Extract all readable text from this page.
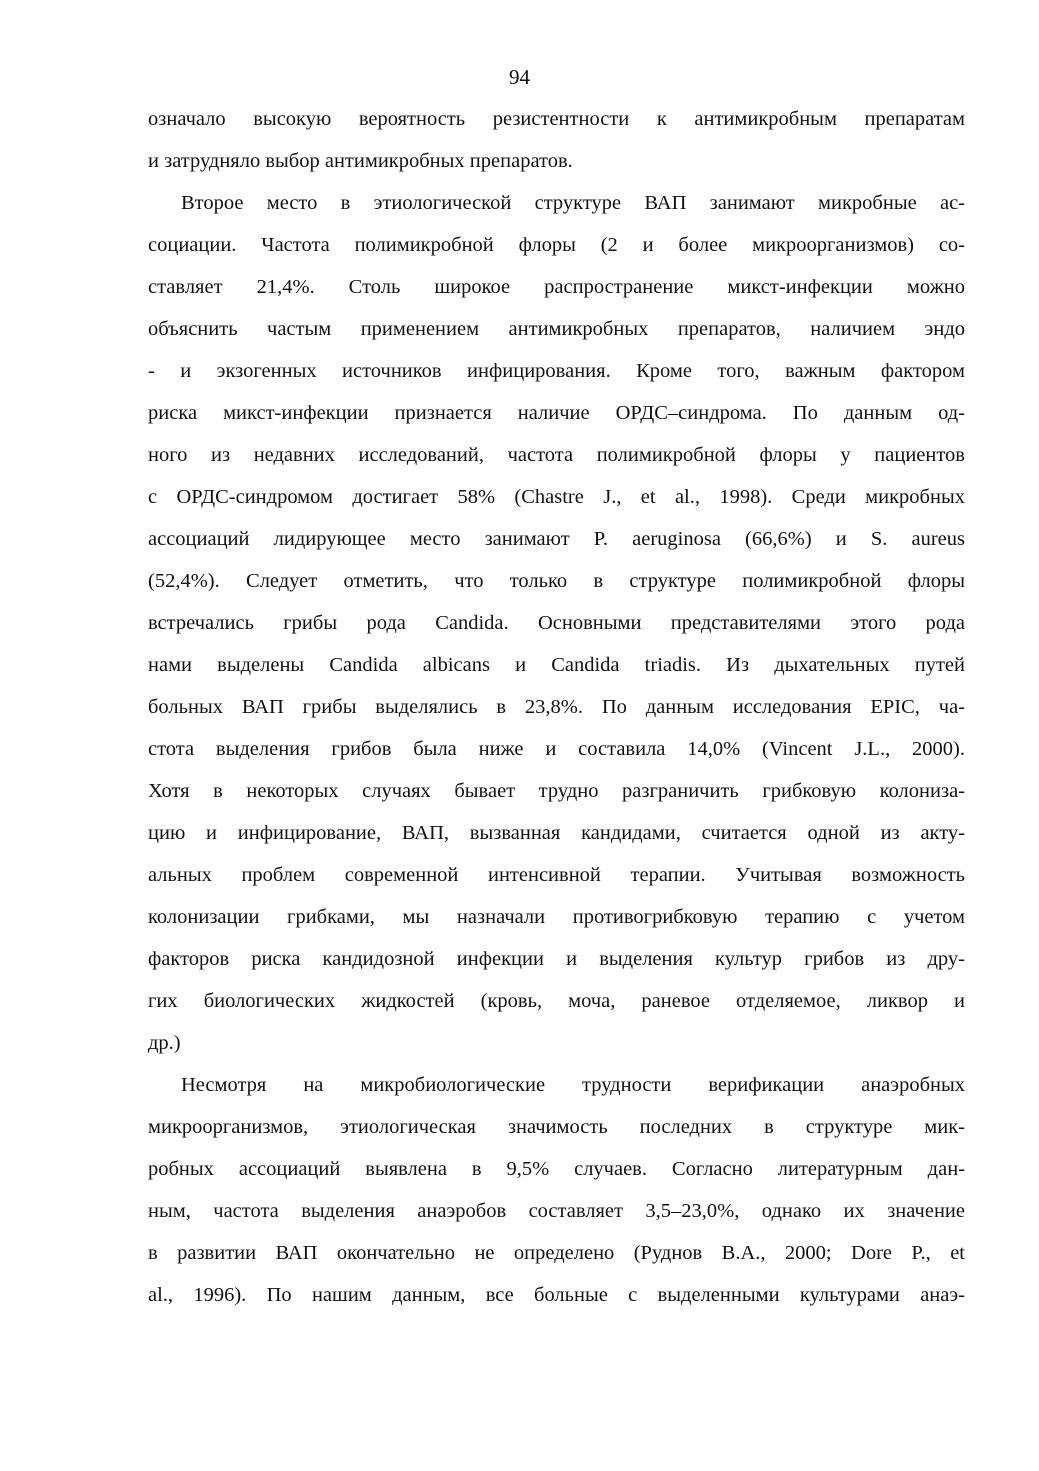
94
означало высокую вероятность резистентности к антимикробным препаратам
и затрудняло выбор антимикробных препаратов.
Второе место в этиологической структуре ВАП занимают микробные ас-
социации. Частота полимикробной флоры (2 и более микроорганизмов) со-
ставляет 21,4%. Столь широкое распространение микст-инфекции можно
объяснить частым применением антимикробных препаратов, наличием эндо
- и экзогенных источников инфицирования. Кроме того, важным фактором
риска микст-инфекции признается наличие ОРДС–синдрома. По данным од-
ного из недавних исследований, частота полимикробной флоры у пациентов
с ОРДС-синдромом достигает 58% (Chastre J., et al., 1998). Среди микробных
ассоциаций лидирующее место занимают P. aeruginosa (66,6%) и S. aureus
(52,4%). Следует отметить, что только в структуре полимикробной флоры
встречались грибы рода Candida. Основными представителями этого рода
нами выделены Candida albicans и Candida triadis. Из дыхательных путей
больных ВАП грибы выделялись в 23,8%. По данным исследования EPIC, ча-
стота выделения грибов была ниже и составила 14,0% (Vincent J.L., 2000).
Хотя в некоторых случаях бывает трудно разграничить грибковую колониза-
цию и инфицирование, ВАП, вызванная кандидами, считается одной из акту-
альных проблем современной интенсивной терапии. Учитывая возможность
колонизации грибками, мы назначали противогрибковую терапию с учетом
факторов риска кандидозной инфекции и выделения культур грибов из дру-
гих биологических жидкостей (кровь, моча, раневое отделяемое, ликвор и
др.)
Несмотря на микробиологические трудности верификации анаэробных
микроорганизмов, этиологическая значимость последних в структуре мик-
робных ассоциаций выявлена в 9,5% случаев. Согласно литературным дан-
ным, частота выделения анаэробов составляет 3,5–23,0%, однако их значение
в развитии ВАП окончательно не определено (Руднов В.А., 2000; Dore P., et
al., 1996). По нашим данным, все больные с выделенными культурами анаэ-
